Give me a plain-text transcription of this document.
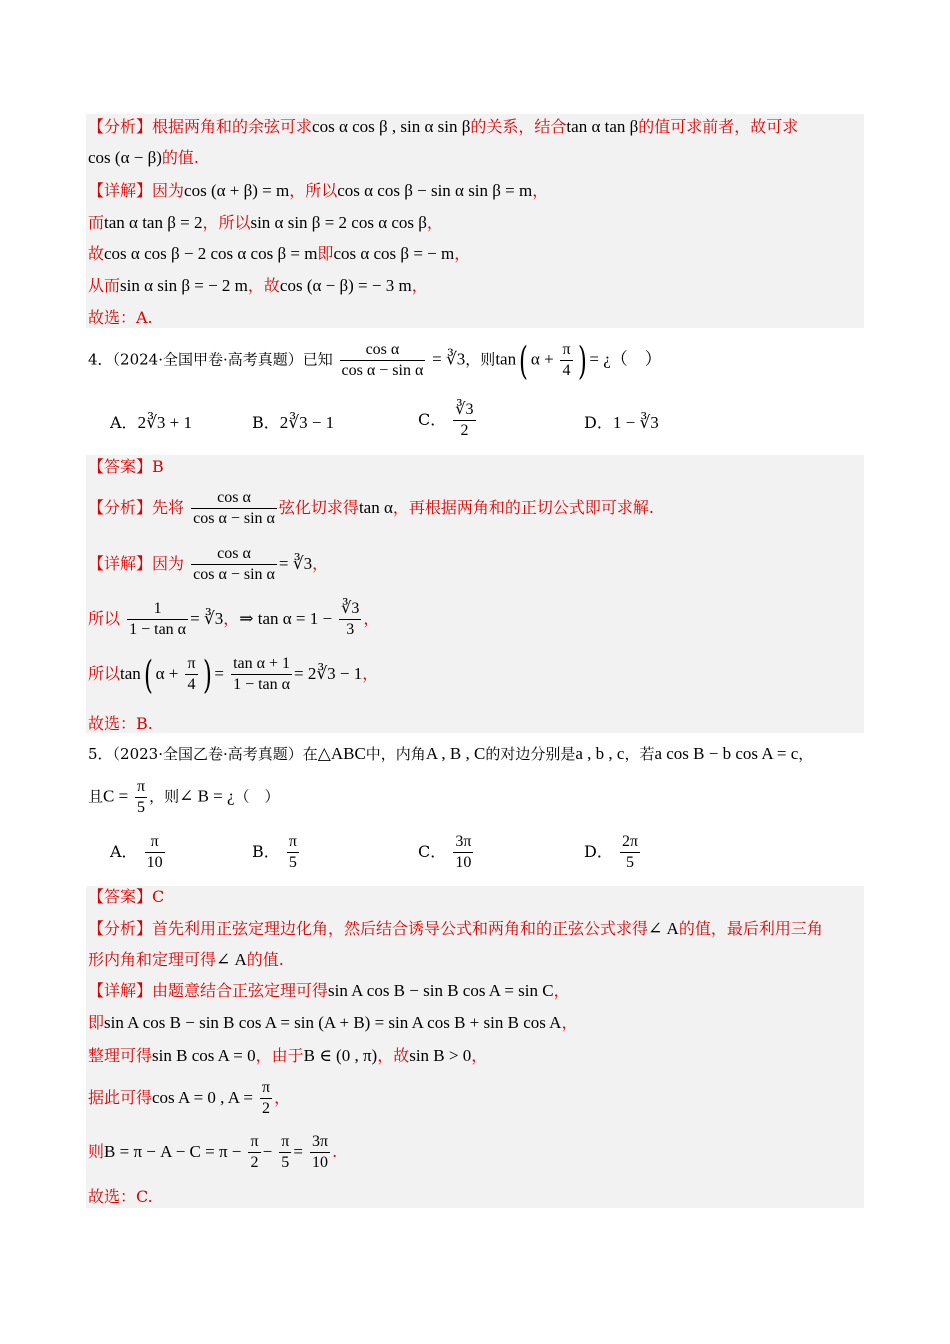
【分析】根据两角和的余弦可求cos α cos β , sin α sin β的关系，结合tan α tan β的值可求前者，故可求
cos (α − β)的值.
【详解】因为cos (α + β) = m，所以cos α cos β − sin α sin β = m，
而tan α tan β = 2，所以sin α sin β = 2 cos α cos β，
故cos α cos β − 2 cos α cos β = m即cos α cos β = − m，
从而sin α sin β = − 2 m，故cos (α − β) = − 3 m，
故选：A.
4．（2024·全国甲卷·高考真题）已知 $\frac{\text{cos α}}{\text{cos α − sin α}}$ = ∛3，则tan( $\alpha + \frac{\pi}{4}$ ) = ¿（　）
A．2∛3 + 1	B．2∛3 − 1	C． $\frac{∛3}{2}$	D．1 − ∛3
【答案】B
【分析】先将 $\frac{\text{cos α}}{\text{cos α − sin α}}$ 弦化切求得tan α，再根据两角和的正切公式即可求解.
【详解】因为 $\frac{\text{cos α}}{\text{cos α − sin α}}$ = ∛3，
所以 $\frac{1}{\text{1 − tan α}}$ = ∛3，⇒ $\tan \alpha = 1 - \frac{∛3}{3}$ ，
所以tan( $\alpha + \frac{\pi}{4}$ ) = $\frac{\text{tan α + 1}}{\text{1 − tan α}}$ = 2∛3 − 1，
故选：B.
5．（2023·全国乙卷·高考真题）在△ABC中，内角A , B , C的对边分别是a , b , c，若a cos B − b cos A = c，
且$C = \frac{\pi}{5}$ ，则∠ B = ¿（　）
A． $\frac{\pi}{10}$	B． $\frac{\pi}{5}$	C． $\frac{3\pi}{10}$	D． $\frac{2\pi}{5}$
【答案】C
【分析】首先利用正弦定理边化角，然后结合诱导公式和两角和的正弦公式求得∠ A的值，最后利用三角
形内角和定理可得∠ A的值.
【详解】由题意结合正弦定理可得sin A cos B − sin B cos A = sin C，
即sin A cos B − sin B cos A = sin (A + B) = sin A cos B + sin B cos A，
整理可得sin B cos A = 0，由于B ∈ (0 , π)，故sin B > 0，
据此可得cos A = 0 , $A = \frac{\pi}{2}$ ，
则$B = \pi - A - C = \pi - \frac{\pi}{2} - \frac{\pi}{5} = \frac{3\pi}{10}$ .
故选：C.
